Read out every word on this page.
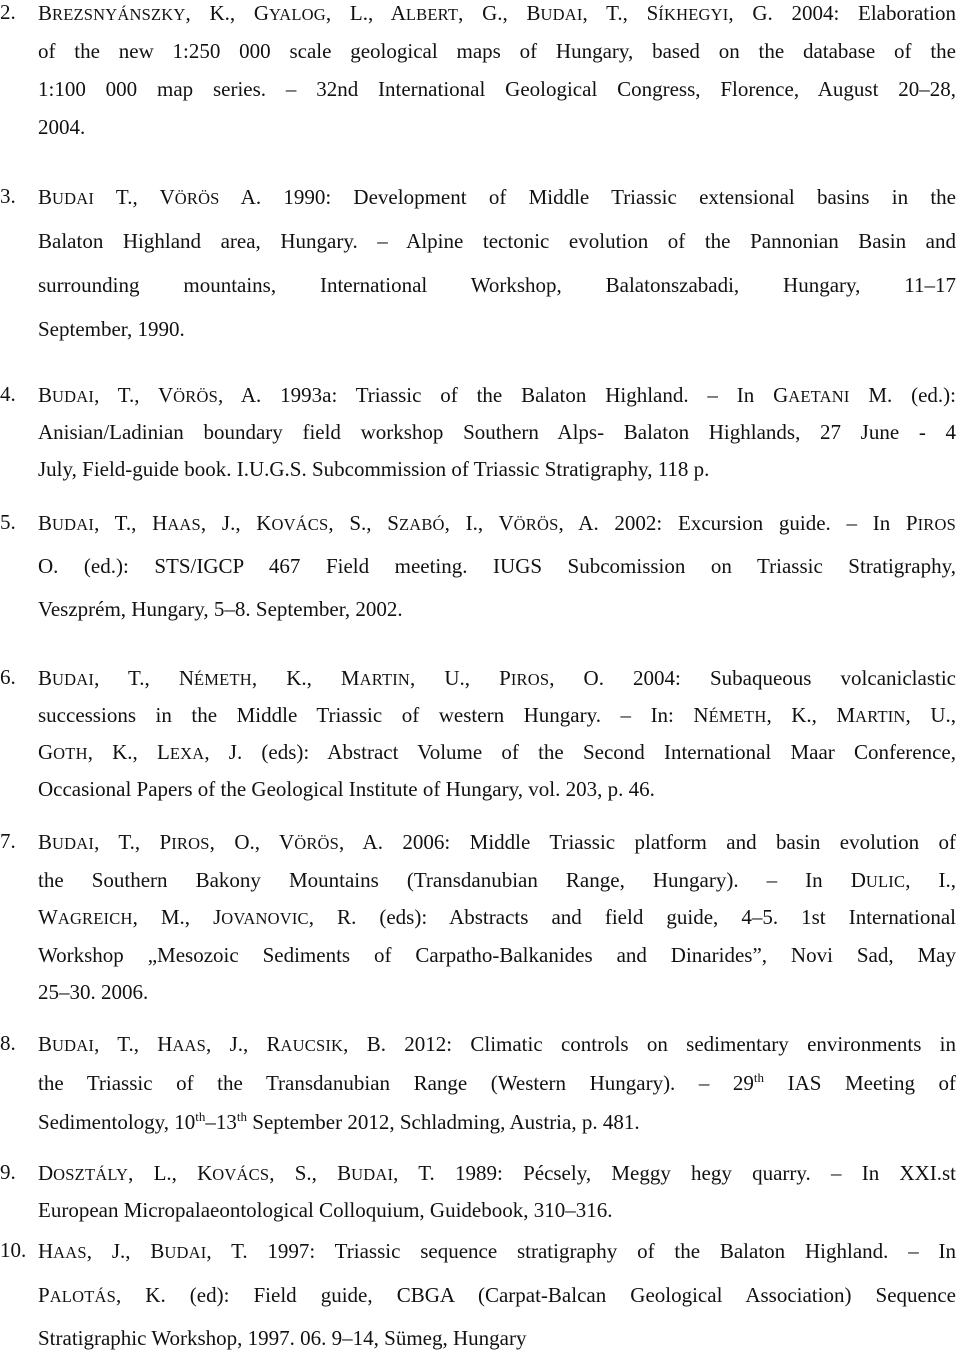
2. BREZSNYÁNSZKY, K., GYALOG, L., ALBERT, G., BUDAI, T., SÍKHEGYI, G. 2004: Elaboration
of the new 1:250 000 scale geological maps of Hungary, based on the database of the
1:100 000 map series. – 32nd International Geological Congress, Florence, August 20–28,
2004.
3. BUDAI T., VÖRÖS A. 1990: Development of Middle Triassic extensional basins in the
Balaton Highland area, Hungary. – Alpine tectonic evolution of the Pannonian Basin and
surrounding mountains, International Workshop, Balatonszabadi, Hungary, 11–17
September, 1990.
4. BUDAI, T., VÖRÖS, A. 1993a: Triassic of the Balaton Highland. – In GAETANI M. (ed.):
Anisian/Ladinian boundary field workshop Southern Alps- Balaton Highlands, 27 June - 4
July, Field-guide book. I.U.G.S. Subcommission of Triassic Stratigraphy, 118 p.
5. BUDAI, T., HAAS, J., KOVÁCS, S., SZABÓ, I., VÖRÖS, A. 2002: Excursion guide. – In PIROS
O. (ed.): STS/IGCP 467 Field meeting. IUGS Subcomission on Triassic Stratigraphy,
Veszprém, Hungary, 5–8. September, 2002.
6. BUDAI, T., NÉMETH, K., MARTIN, U., PIROS, O. 2004: Subaqueous volcaniclastic
successions in the Middle Triassic of western Hungary. – In: NÉMETH, K., MARTIN, U.,
GOTH, K., LEXA, J. (eds): Abstract Volume of the Second International Maar Conference,
Occasional Papers of the Geological Institute of Hungary, vol. 203, p. 46.
7. BUDAI, T., PIROS, O., VÖRÖS, A. 2006: Middle Triassic platform and basin evolution of
the Southern Bakony Mountains (Transdanubian Range, Hungary). – In DULIC, I.,
WAGREICH, M., JOVANOVIC, R. (eds): Abstracts and field guide, 4–5. 1st International
Workshop „Mesozoic Sediments of Carpatho-Balkanides and Dinarides”, Novi Sad, May
25–30. 2006.
8. BUDAI, T., HAAS, J., RAUCSIK, B. 2012: Climatic controls on sedimentary environments in
the Triassic of the Transdanubian Range (Western Hungary). – 29th IAS Meeting of
Sedimentology, 10th–13th September 2012, Schladming, Austria, p. 481.
9. DOSZTÁLY, L., KOVÁCS, S., BUDAI, T. 1989: Pécsely, Meggy hegy quarry. – In XXI.st
European Micropalaeontological Colloquium, Guidebook, 310–316.
10. HAAS, J., BUDAI, T. 1997: Triassic sequence stratigraphy of the Balaton Highland. – In
PALOTÁS, K. (ed): Field guide, CBGA (Carpat-Balcan Geological Association) Sequence
Stratigraphic Workshop, 1997. 06. 9–14, Sümeg, Hungary
